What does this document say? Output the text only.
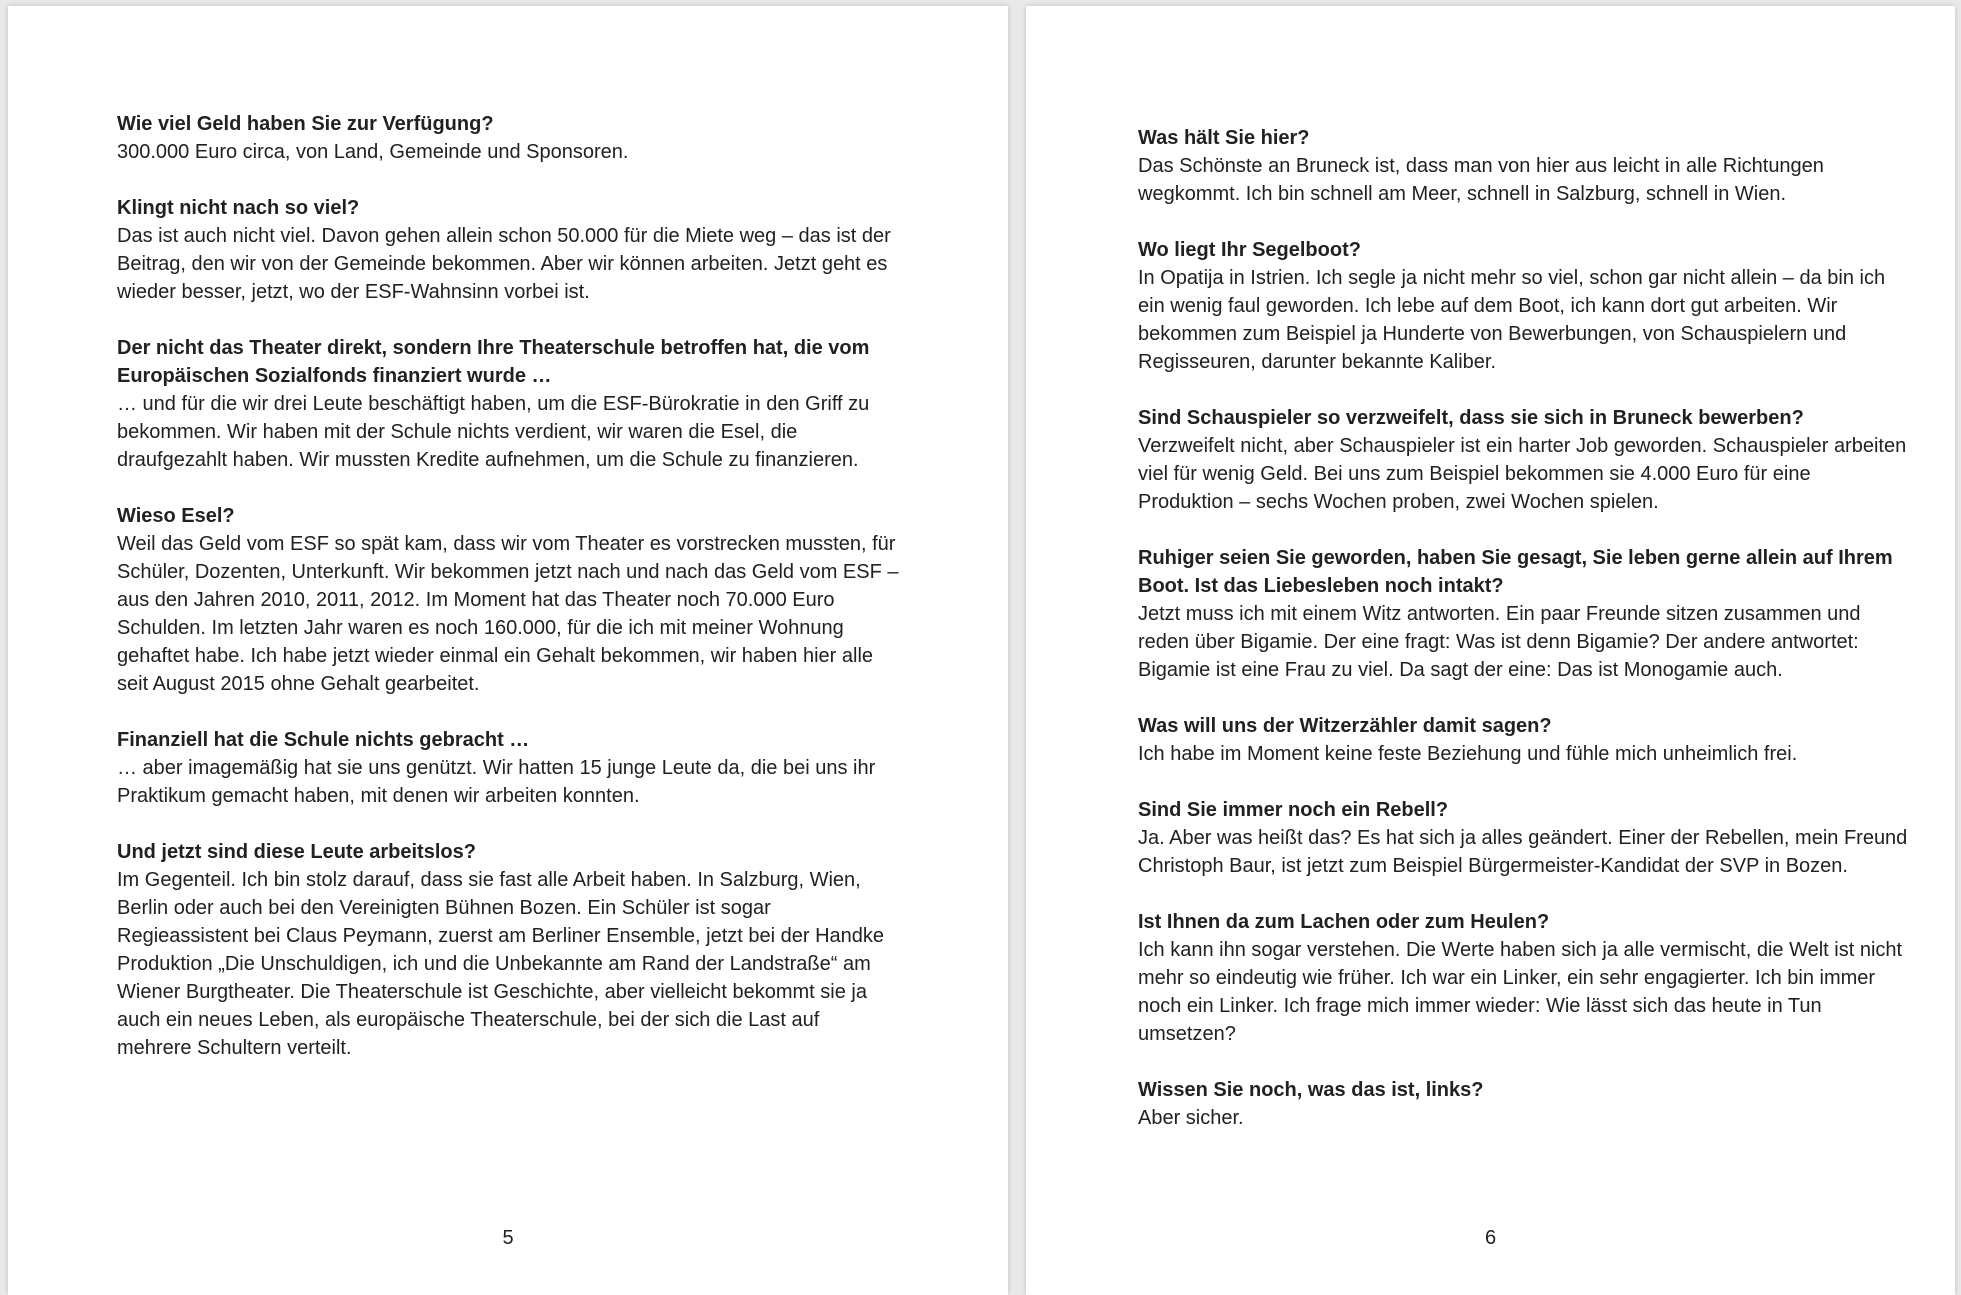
Wie viel Geld haben Sie zur Verfügung?

300.000 Euro circa, von Land, Gemeinde und Sponsoren.

Klingt nicht nach so viel?

Das ist auch nicht viel. Davon gehen allein schon 50.000 für die Miete weg – das ist der Beitrag, den wir von der Gemeinde bekommen. Aber wir können arbeiten. Jetzt geht es wieder besser, jetzt, wo der ESF-Wahnsinn vorbei ist.

Der nicht das Theater direkt, sondern Ihre Theaterschule betroffen hat, die vom Europäischen Sozialfonds finanziert wurde …

… und für die wir drei Leute beschäftigt haben, um die ESF-Bürokratie in den Griff zu bekommen. Wir haben mit der Schule nichts verdient, wir waren die Esel, die draufgezahlt haben. Wir mussten Kredite aufnehmen, um die Schule zu finanzieren.

Wieso Esel?

Weil das Geld vom ESF so spät kam, dass wir vom Theater es vorstrecken mussten, für Schüler, Dozenten, Unterkunft. Wir bekommen jetzt nach und nach das Geld vom ESF – aus den Jahren 2010, 2011, 2012. Im Moment hat das Theater noch 70.000 Euro Schulden. Im letzten Jahr waren es noch 160.000, für die ich mit meiner Wohnung gehaftet habe. Ich habe jetzt wieder einmal ein Gehalt bekommen, wir haben hier alle seit August 2015 ohne Gehalt gearbeitet.

Finanziell hat die Schule nichts gebracht …

… aber imagemäßig hat sie uns genützt. Wir hatten 15 junge Leute da, die bei uns ihr Praktikum gemacht haben, mit denen wir arbeiten konnten.

Und jetzt sind diese Leute arbeitslos?

Im Gegenteil. Ich bin stolz darauf, dass sie fast alle Arbeit haben. In Salzburg, Wien, Berlin oder auch bei den Vereinigten Bühnen Bozen. Ein Schüler ist sogar Regieassistent bei Claus Peymann, zuerst am Berliner Ensemble, jetzt bei der Handke Produktion „Die Unschuldigen, ich und die Unbekannte am Rand der Landstraße“ am Wiener Burgtheater. Die Theaterschule ist Geschichte, aber vielleicht bekommt sie ja auch ein neues Leben, als europäische Theaterschule, bei der sich die Last auf mehrere Schultern verteilt.

5

Was hält Sie hier?

Das Schönste an Bruneck ist, dass man von hier aus leicht in alle Richtungen wegkommt. Ich bin schnell am Meer, schnell in Salzburg, schnell in Wien.

Wo liegt Ihr Segelboot?

In Opatija in Istrien. Ich segle ja nicht mehr so viel, schon gar nicht allein – da bin ich ein wenig faul geworden. Ich lebe auf dem Boot, ich kann dort gut arbeiten. Wir bekommen zum Beispiel ja Hunderte von Bewerbungen, von Schauspielern und Regisseuren, darunter bekannte Kaliber.

Sind Schauspieler so verzweifelt, dass sie sich in Bruneck bewerben?

Verzweifelt nicht, aber Schauspieler ist ein harter Job geworden. Schauspieler arbeiten viel für wenig Geld. Bei uns zum Beispiel bekommen sie 4.000 Euro für eine Produktion – sechs Wochen proben, zwei Wochen spielen.

Ruhiger seien Sie geworden, haben Sie gesagt, Sie leben gerne allein auf Ihrem Boot. Ist das Liebesleben noch intakt?

Jetzt muss ich mit einem Witz antworten. Ein paar Freunde sitzen zusammen und reden über Bigamie. Der eine fragt: Was ist denn Bigamie? Der andere antwortet: Bigamie ist eine Frau zu viel. Da sagt der eine: Das ist Monogamie auch.

Was will uns der Witzerzähler damit sagen?

Ich habe im Moment keine feste Beziehung und fühle mich unheimlich frei.

Sind Sie immer noch ein Rebell?

Ja. Aber was heißt das? Es hat sich ja alles geändert. Einer der Rebellen, mein Freund Christoph Baur, ist jetzt zum Beispiel Bürgermeister-Kandidat der SVP in Bozen.

Ist Ihnen da zum Lachen oder zum Heulen?

Ich kann ihn sogar verstehen. Die Werte haben sich ja alle vermischt, die Welt ist nicht mehr so eindeutig wie früher. Ich war ein Linker, ein sehr engagierter. Ich bin immer noch ein Linker. Ich frage mich immer wieder: Wie lässt sich das heute in Tun umsetzen?

Wissen Sie noch, was das ist, links?

Aber sicher.

6
